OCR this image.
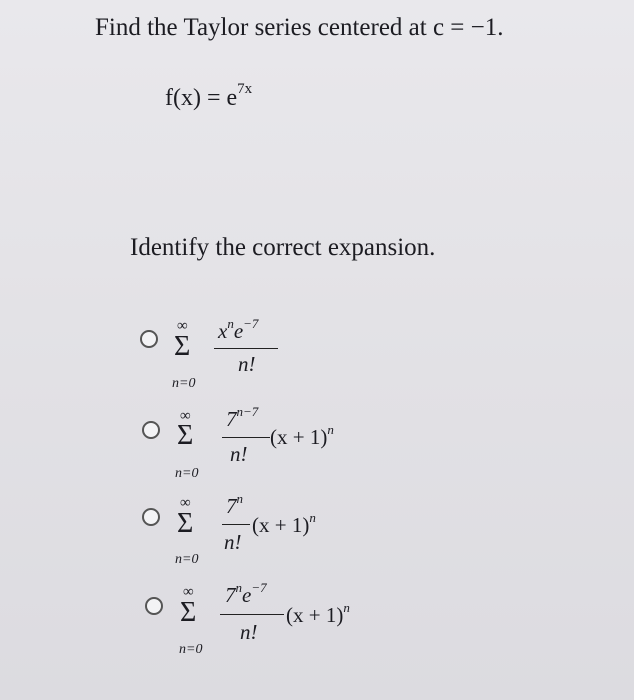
Find the Taylor series centered at c = −1.
$f(x) = e^{7x}$
Identify the correct expansion.
∞
Σ
n=0
$x^ne^{-7}$
n!
∞
Σ
n=0
$7^{n-7}$
n!
$(x + 1)^n$
∞
Σ
n=0
7$^n$
n!
$(x + 1)^n$
∞
Σ
n=0
$7^ne^{-7}$
n!
$(x + 1)^n$
